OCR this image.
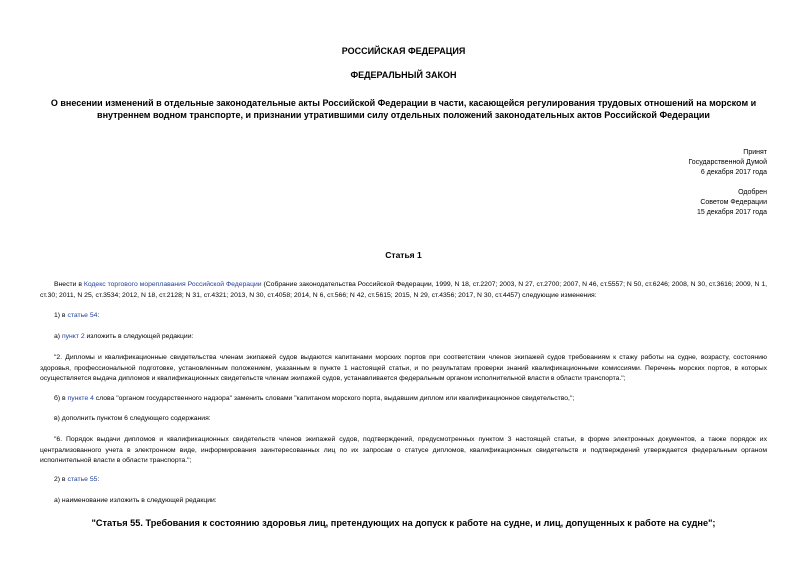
РОССИЙСКАЯ ФЕДЕРАЦИЯ
ФЕДЕРАЛЬНЫЙ ЗАКОН
О внесении изменений в отдельные законодательные акты Российской Федерации в части, касающейся регулирования трудовых отношений на морском и внутреннем водном транспорте, и признании утратившими силу отдельных положений законодательных актов Российской Федерации
Принят
Государственной Думой
6 декабря 2017 года
Одобрен
Советом Федерации
15 декабря 2017 года
Статья 1
Внести в Кодекс торгового мореплавания Российской Федерации (Собрание законодательства Российской Федерации, 1999, N 18, ст.2207; 2003, N 27, ст.2700; 2007, N 46, ст.5557; N 50, ст.6246; 2008, N 30, ст.3616; 2009, N 1, ст.30; 2011, N 25, ст.3534; 2012, N 18, ст.2128; N 31, ст.4321; 2013, N 30, ст.4058; 2014, N 6, ст.566; N 42, ст.5615; 2015, N 29, ст.4356; 2017, N 30, ст.4457) следующие изменения:
1) в статье 54:
а) пункт 2 изложить в следующей редакции:
"2. Дипломы и квалификационные свидетельства членам экипажей судов выдаются капитанами морских портов при соответствии членов экипажей судов требованиям к стажу работы на судне, возрасту, состоянию здоровья, профессиональной подготовке, установленным положением, указанным в пункте 1 настоящей статьи, и по результатам проверки знаний квалификационными комиссиями. Перечень морских портов, в которых осуществляется выдача дипломов и квалификационных свидетельств членам экипажей судов, устанавливается федеральным органом исполнительной власти в области транспорта.";
б) в пункте 4 слова "органом государственного надзора" заменить словами "капитаном морского порта, выдавшим диплом или квалификационное свидетельство,";
в) дополнить пунктом 6 следующего содержания:
"6. Порядок выдачи дипломов и квалификационных свидетельств членов экипажей судов, подтверждений, предусмотренных пунктом 3 настоящей статьи, в форме электронных документов, а также порядок их централизованного учета в электронном виде, информирования заинтересованных лиц по их запросам о статусе дипломов, квалификационных свидетельств и подтверждений утверждается федеральным органом исполнительной власти в области транспорта.";
2) в статье 55:
а) наименование изложить в следующей редакции:
"Статья 55. Требования к состоянию здоровья лиц, претендующих на допуск к работе на судне, и лиц, допущенных к работе на судне";
